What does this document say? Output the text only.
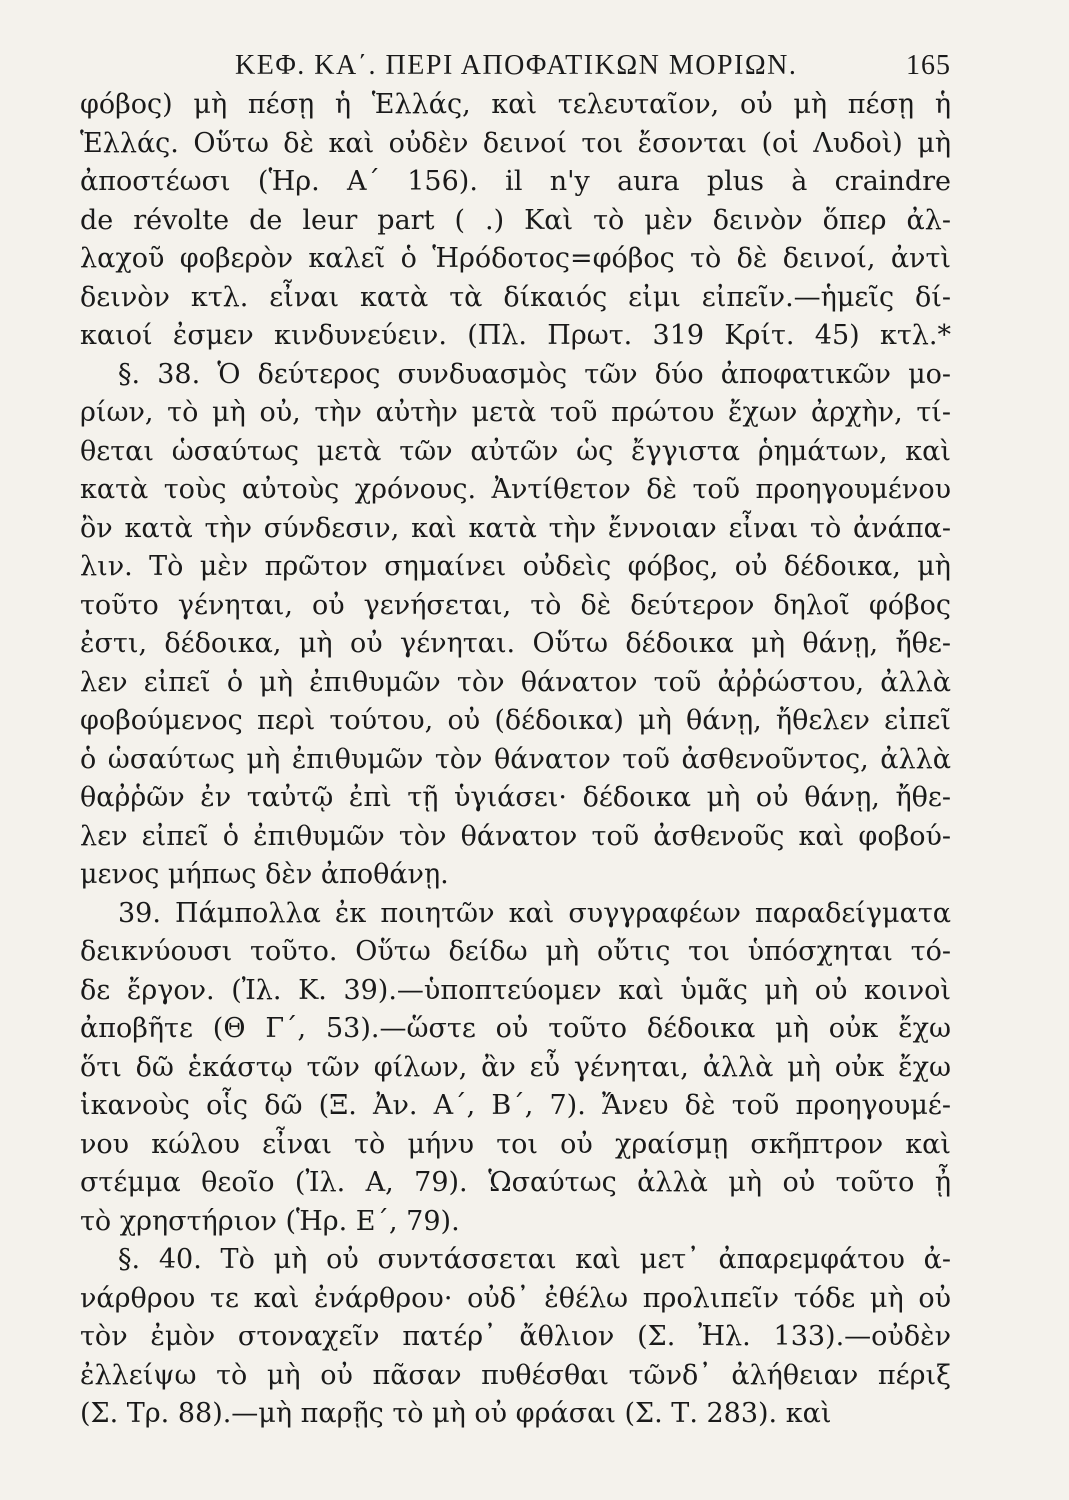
ΚΕΦ. ΚΑ΄. ΠΕΡΙ ΑΠΟΦΑΤΙΚΩΝ ΜΟΡΙΩΝ.	165
φόβος) μὴ πέσῃ ἡ Ἑλλάς, καὶ τελευταῖον, οὐ μὴ πέσῃ ἡ
Ἑλλάς. Οὕτω δὲ καὶ οὐδὲν δεινοί τοι ἔσονται (οἱ Λυδοὶ) μὴ
ἀποστέωσι (Ἡρ. Α΄ 156). il n'y aura plus à craindre
de révolte de leur part ( .) Καὶ τὸ μὲν δεινὸν ὅπερ ἀλ-
λαχοῦ φοβερὸν καλεῖ ὁ Ἡρόδοτος=φόβος τὸ δὲ δεινοί, ἀντὶ
δεινὸν κτλ. εἶναι κατὰ τὰ δίκαιός εἰμι εἰπεῖν.—ἡμεῖς δί-
καιοί ἐσμεν κινδυνεύειν. (Πλ. Πρωτ. 319 Κρίτ. 45) κτλ.*
§. 38. Ὁ δεύτερος συνδυασμὸς τῶν δύο ἀποφατικῶν μο-
ρίων, τὸ μὴ οὐ, τὴν αὐτὴν μετὰ τοῦ πρώτου ἔχων ἀρχὴν, τί-
θεται ὡσαύτως μετὰ τῶν αὐτῶν ὡς ἔγγιστα ῥημάτων, καὶ
κατὰ τοὺς αὐτοὺς χρόνους. Ἀντίθετον δὲ τοῦ προηγουμένου
ὂν κατὰ τὴν σύνδεσιν, καὶ κατὰ τὴν ἔννοιαν εἶναι τὸ ἀνάπα-
λιν. Τὸ μὲν πρῶτον σημαίνει οὐδεὶς φόβος, οὐ δέδοικα, μὴ
τοῦτο γένηται, οὐ γενήσεται, τὸ δὲ δεύτερον δηλοῖ φόβος
ἐστι, δέδοικα, μὴ οὐ γένηται. Οὕτω δέδοικα μὴ θάνῃ, ἤθε-
λεν εἰπεῖ ὁ μὴ ἐπιθυμῶν τὸν θάνατον τοῦ ἀῤῥώστου, ἀλλὰ
φοβούμενος περὶ τούτου, οὐ (δέδοικα) μὴ θάνῃ, ἤθελεν εἰπεῖ
ὁ ὡσαύτως μὴ ἐπιθυμῶν τὸν θάνατον τοῦ ἀσθενοῦντος, ἀλλὰ
θαῤῥῶν ἐν ταὐτῷ ἐπὶ τῇ ὑγιάσει· δέδοικα μὴ οὐ θάνῃ, ἤθε-
λεν εἰπεῖ ὁ ἐπιθυμῶν τὸν θάνατον τοῦ ἀσθενοῦς καὶ φοβού-
μενος μήπως δὲν ἀποθάνῃ.
39. Πάμπολλα ἐκ ποιητῶν καὶ συγγραφέων παραδείγματα
δεικνύουσι τοῦτο. Οὕτω δείδω μὴ οὔτις τοι ὑπόσχηται τό-
δε ἔργον. (Ἰλ. Κ. 39).—ὑποπτεύομεν καὶ ὑμᾶς μὴ οὐ κοινοὶ
ἀποβῆτε (Θ Γ΄, 53).—ὥστε οὐ τοῦτο δέδοικα μὴ οὐκ ἔχω
ὅτι δῶ ἑκάστῳ τῶν φίλων, ἂν εὖ γένηται, ἀλλὰ μὴ οὐκ ἔχω
ἱκανοὺς οἷς δῶ (Ξ. Ἀν. Α΄, Β΄, 7). Ἄνευ δὲ τοῦ προηγουμέ-
νου κώλου εἶναι τὸ μήνυ τοι οὐ χραίσμῃ σκῆπτρον καὶ
στέμμα θεοῖο (Ἰλ. Α, 79). Ὡσαύτως ἀλλὰ μὴ οὐ τοῦτο ᾖ
τὸ χρηστήριον (Ἡρ. Ε΄, 79).
§. 40. Τὸ μὴ οὐ συντάσσεται καὶ μετ᾽ ἀπαρεμφάτου ἀ-
νάρθρου τε καὶ ἐνάρθρου· οὐδ᾽ ἐθέλω προλιπεῖν τόδε μὴ οὐ
τὸν ἐμὸν στοναχεῖν πατέρ᾽ ἄθλιον (Σ. Ἠλ. 133).—οὐδὲν
ἐλλείψω τὸ μὴ οὐ πᾶσαν πυθέσθαι τῶνδ᾽ ἀλήθειαν πέριξ
(Σ. Τρ. 88).—μὴ παρῇς τὸ μὴ οὐ φράσαι (Σ. Τ. 283). καὶ
